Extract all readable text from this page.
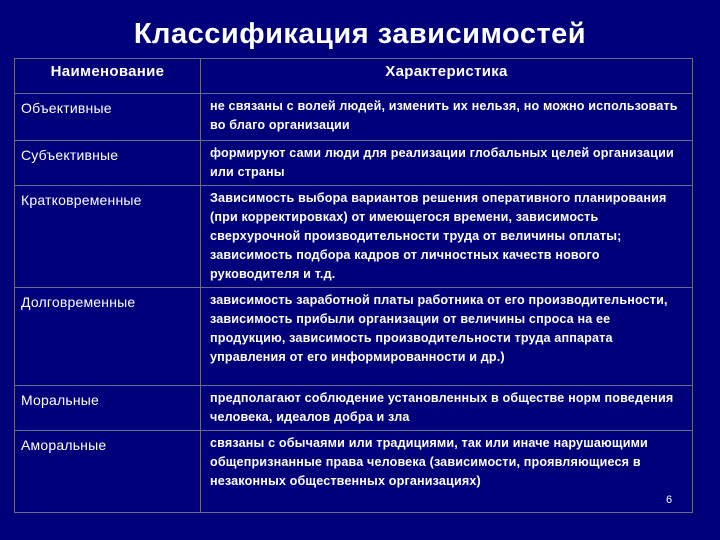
Классификация зависимостей
Наименование	Характеристика
Объективные	не связаны с волей людей, изменить их нельзя, но можно использовать во благо организации
Субъективные	формируют сами люди для реализации глобальных целей организации или страны
Кратковременные	Зависимость выбора вариантов решения оперативного планирования (при корректировках) от имеющегося времени, зависимость сверхурочной производительности труда от величины оплаты; зависимость подбора кадров от личностных качеств нового руководителя и т.д.
Долговременные	зависимость заработной платы работника от его производительности, зависимость прибыли организации от величины спроса на ее продукцию, зависимость производительности труда аппарата управления от его информированности и др.)
Моральные	предполагают соблюдение установленных в обществе норм поведения человека, идеалов добра и зла
Аморальные	связаны с обычаями или традициями, так или иначе нарушающими общепризнанные права человека (зависимости, проявляющиеся в незаконных общественных организациях)
6
